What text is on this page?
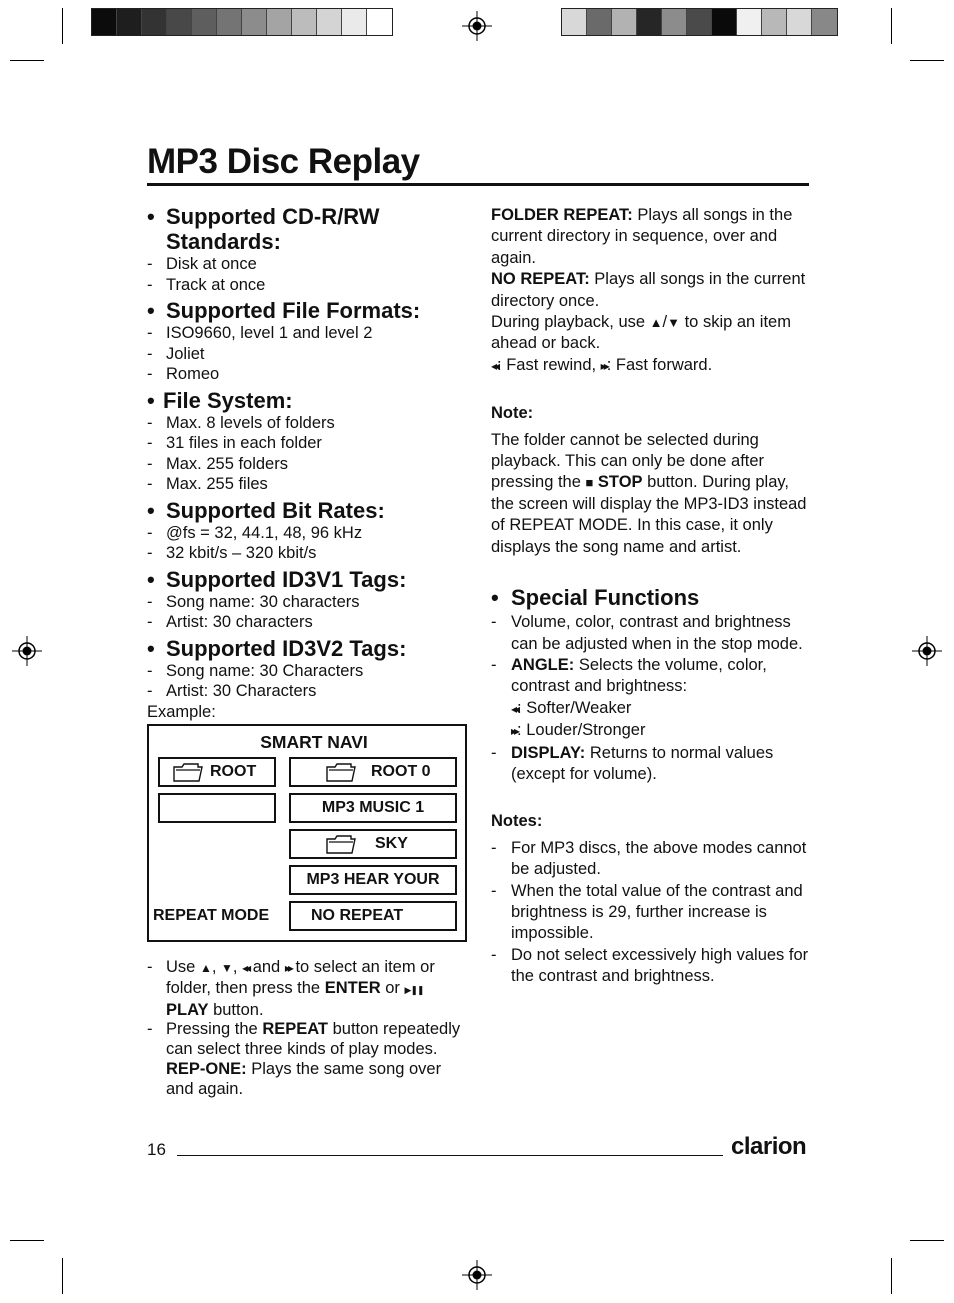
MP3 Disc Replay
• Supported CD-R/RW Standards:
- Disk at once
- Track at once
• Supported File Formats:
- ISO9660, level 1 and level 2
- Joliet
- Romeo
• File System:
- Max. 8 levels of folders
- 31 files in each folder
- Max. 255 folders
- Max. 255 files
• Supported Bit Rates:
- @fs = 32, 44.1, 48, 96 kHz
- 32 kbit/s – 320 kbit/s
• Supported ID3V1 Tags:
- Song name: 30 characters
- Artist: 30 characters
• Supported ID3V2 Tags:
- Song name: 30 Characters
- Artist: 30 Characters
Example:
SMART NAVI
ROOT	ROOT 0
MP3 MUSIC 1
SKY
MP3 HEAR YOUR
REPEAT MODE	NO REPEAT
- Use ▲, ▼, ◂◂ and ▸▸ to select an item or folder, then press the ENTER or ▶❚❚ PLAY button.
- Pressing the REPEAT button repeatedly can select three kinds of play modes.
REP-ONE: Plays the same song over and again.

FOLDER REPEAT: Plays all songs in the current directory in sequence, over and again.

NO REPEAT: Plays all songs in the current directory once.

During playback, use ▲/▼ to skip an item ahead or back.

◂◂: Fast rewind, ▸▸: Fast forward.

Note:

The folder cannot be selected during playback. This can only be done after pressing the ■ STOP button. During play, the screen will display the MP3-ID3 instead of REPEAT MODE. In this case, it only displays the song name and artist.

• Special Functions
- Volume, color, contrast and brightness can be adjusted when in the stop mode.
- ANGLE: Selects the volume, color, contrast and brightness:
◂◂: Softer/Weaker
▸▸: Louder/Stronger
- DISPLAY: Returns to normal values (except for volume).

Notes:

- For MP3 discs, the above modes cannot be adjusted.
- When the total value of the contrast and brightness is 29, further increase is impossible.
- Do not select excessively high values for the contrast and brightness.
16	clarion
